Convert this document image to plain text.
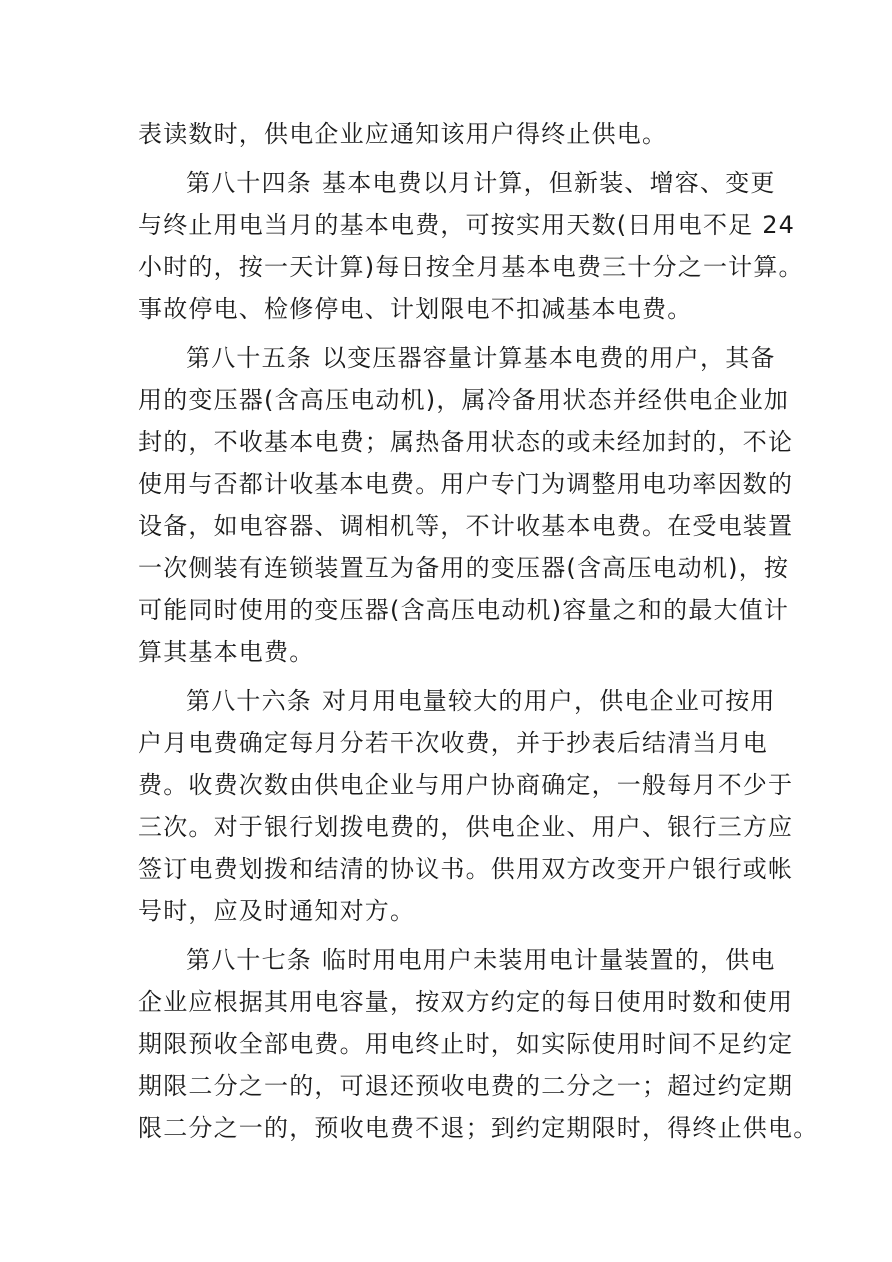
表读数时，供电企业应通知该用户得终止供电。
第八十四条 基本电费以月计算，但新装、增容、变更
与终止用电当月的基本电费，可按实用天数(日用电不足 24
小时的，按一天计算)每日按全月基本电费三十分之一计算。
事故停电、检修停电、计划限电不扣减基本电费。
第八十五条 以变压器容量计算基本电费的用户，其备
用的变压器(含高压电动机)，属冷备用状态并经供电企业加
封的，不收基本电费；属热备用状态的或未经加封的，不论
使用与否都计收基本电费。用户专门为调整用电功率因数的
设备，如电容器、调相机等，不计收基本电费。在受电装置
一次侧装有连锁装置互为备用的变压器(含高压电动机)，按
可能同时使用的变压器(含高压电动机)容量之和的最大值计
算其基本电费。
第八十六条 对月用电量较大的用户，供电企业可按用
户月电费确定每月分若干次收费，并于抄表后结清当月电
费。收费次数由供电企业与用户协商确定，一般每月不少于
三次。对于银行划拨电费的，供电企业、用户、银行三方应
签订电费划拨和结清的协议书。供用双方改变开户银行或帐
号时，应及时通知对方。
第八十七条 临时用电用户未装用电计量装置的，供电
企业应根据其用电容量，按双方约定的每日使用时数和使用
期限预收全部电费。用电终止时，如实际使用时间不足约定
期限二分之一的，可退还预收电费的二分之一；超过约定期
限二分之一的，预收电费不退；到约定期限时，得终止供电。
